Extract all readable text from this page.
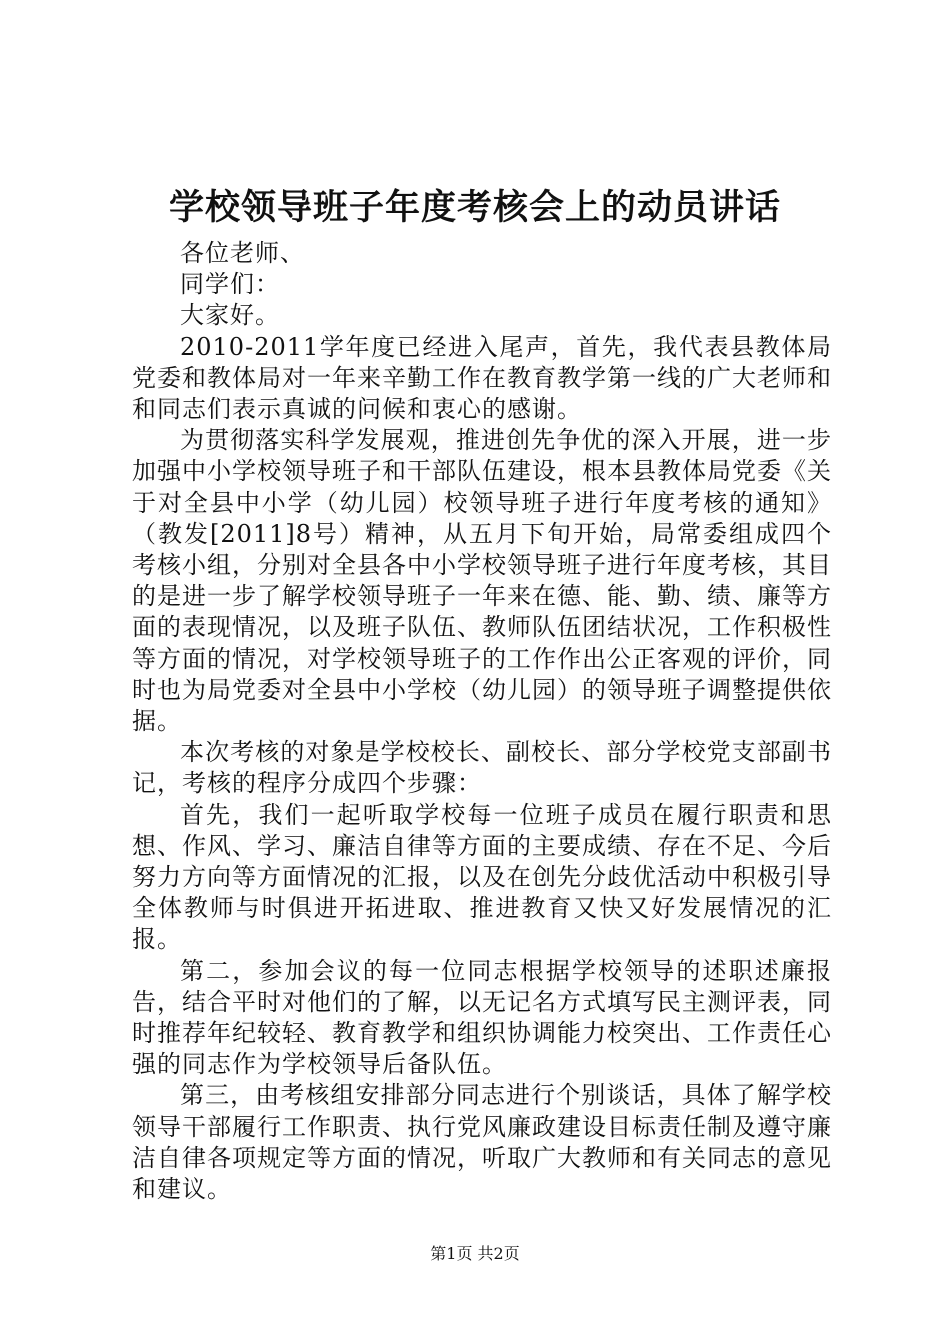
学校领导班子年度考核会上的动员讲话

各位老师、

同学们：

大家好。

2010-2011学年度已经进入尾声，首先，我代表县教体局党委和教体局对一年来辛勤工作在教育教学第一线的广大老师和和同志们表示真诚的问候和衷心的感谢。

为贯彻落实科学发展观，推进创先争优的深入开展，进一步加强中小学校领导班子和干部队伍建设，根本县教体局党委《关于对全县中小学（幼儿园）校领导班子进行年度考核的通知》（教发[2011]8号）精神，从五月下旬开始，局常委组成四个考核小组，分别对全县各中小学校领导班子进行年度考核，其目的是进一步了解学校领导班子一年来在德、能、勤、绩、廉等方面的表现情况，以及班子队伍、教师队伍团结状况，工作积极性等方面的情况，对学校领导班子的工作作出公正客观的评价，同时也为局党委对全县中小学校（幼儿园）的领导班子调整提供依据。

本次考核的对象是学校校长、副校长、部分学校党支部副书记，考核的程序分成四个步骤：

首先，我们一起听取学校每一位班子成员在履行职责和思想、作风、学习、廉洁自律等方面的主要成绩、存在不足、今后努力方向等方面情况的汇报，以及在创先分歧优活动中积极引导全体教师与时俱进开拓进取、推进教育又快又好发展情况的汇报。

第二，参加会议的每一位同志根据学校领导的述职述廉报告，结合平时对他们的了解，以无记名方式填写民主测评表，同时推荐年纪较轻、教育教学和组织协调能力校突出、工作责任心强的同志作为学校领导后备队伍。

第三，由考核组安排部分同志进行个别谈话，具体了解学校领导干部履行工作职责、执行党风廉政建设目标责任制及遵守廉洁自律各项规定等方面的情况，听取广大教师和有关同志的意见和建议。

第1页 共2页
